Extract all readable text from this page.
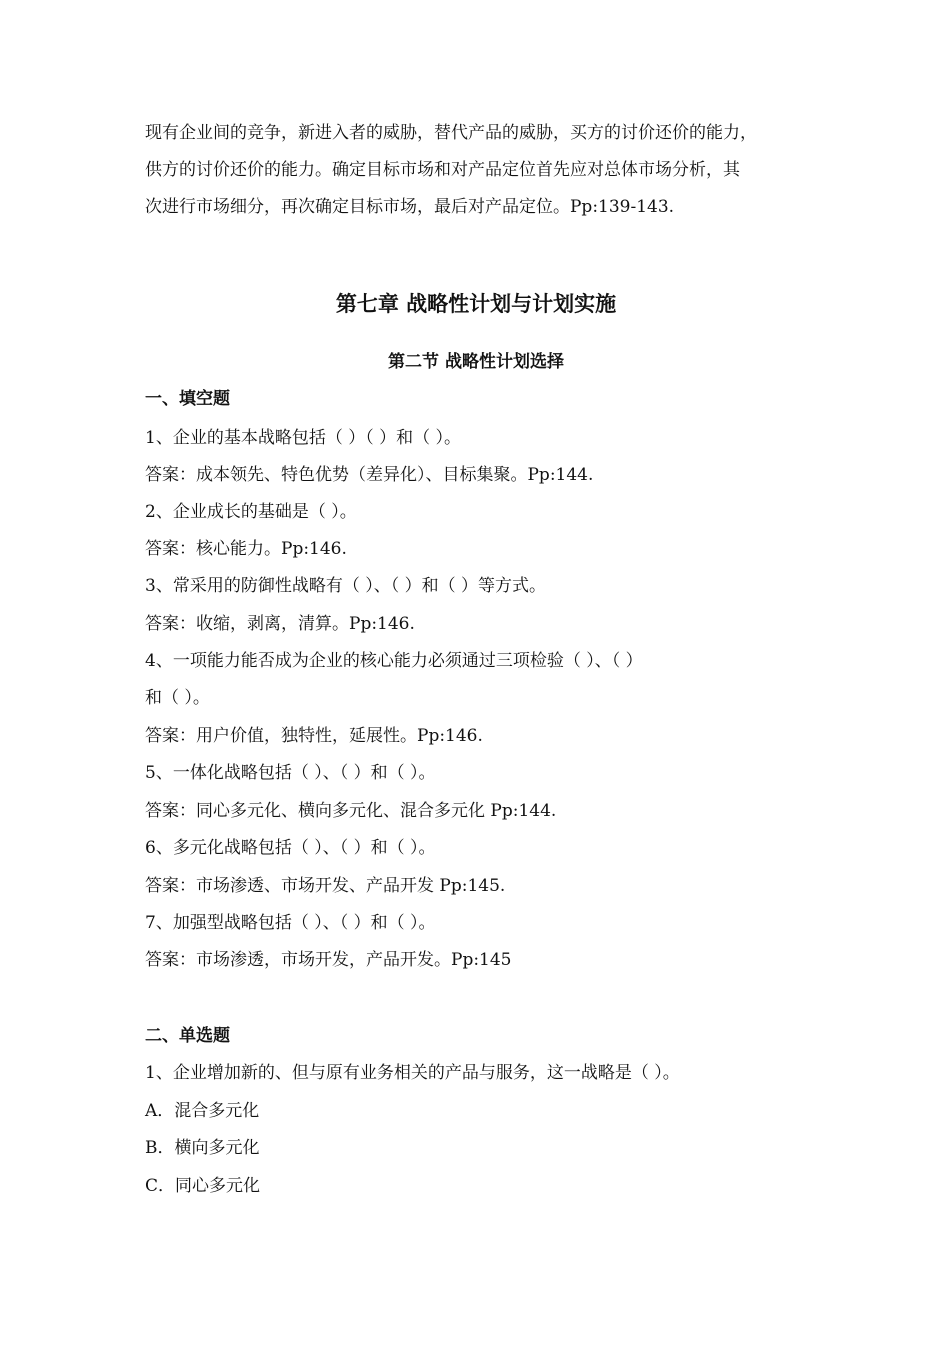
现有企业间的竞争，新进入者的威胁，替代产品的威胁，买方的讨价还价的能力，
供方的讨价还价的能力。确定目标市场和对产品定位首先应对总体市场分析，其
次进行市场细分，再次确定目标市场，最后对产品定位。Pp:139-143.
第七章 战略性计划与计划实施
第二节 战略性计划选择
一、填空题
1、企业的基本战略包括（ ）（ ）和（ ）。
答案：成本领先、特色优势（差异化）、目标集聚。Pp:144.
2、企业成长的基础是（ ）。
答案：核心能力。Pp:146.
3、常采用的防御性战略有（ ）、（ ）和（ ）等方式。
答案：收缩，剥离，清算。Pp:146.
4、一项能力能否成为企业的核心能力必须通过三项检验（ ）、（ ）
和（ ）。
答案：用户价值，独特性，延展性。Pp:146.
5、一体化战略包括（ ）、（ ）和（ ）。
答案：同心多元化、横向多元化、混合多元化 Pp:144.
6、多元化战略包括（ ）、（ ）和（ ）。
答案：市场渗透、市场开发、产品开发 Pp:145.
7、加强型战略包括（ ）、（ ）和（ ）。
答案：市场渗透，市场开发，产品开发。Pp:145
二、单选题
1、企业增加新的、但与原有业务相关的产品与服务，这一战略是（ ）。
A．混合多元化
B．横向多元化
C．同心多元化
